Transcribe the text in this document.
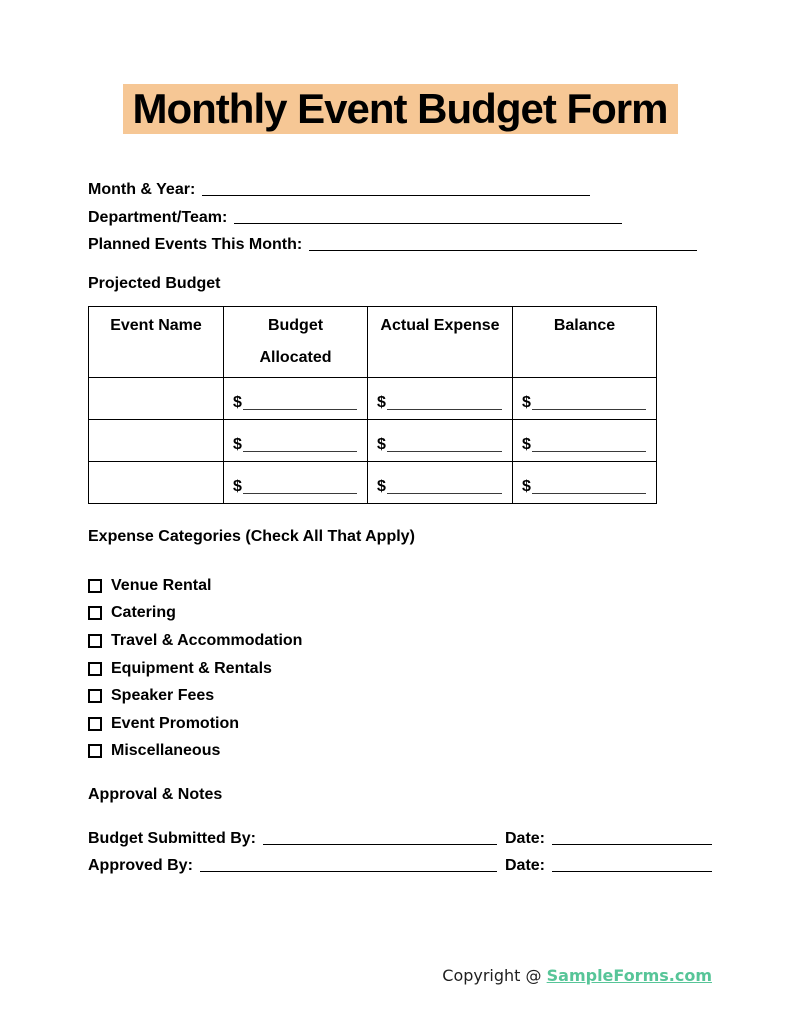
Monthly Event Budget Form
Month & Year:
Department/Team:
Planned Events This Month:
Projected Budget
Event Name	Budget Allocated	Actual Expense	Balance

	$	$	$

	$	$	$

	$	$	$
Expense Categories (Check All That Apply)
Venue Rental
Catering
Travel & Accommodation
Equipment & Rentals
Speaker Fees
Event Promotion
Miscellaneous
Approval & Notes
Budget Submitted By:	Date:
Approved By:	Date:
Copyright @ SampleForms.com
